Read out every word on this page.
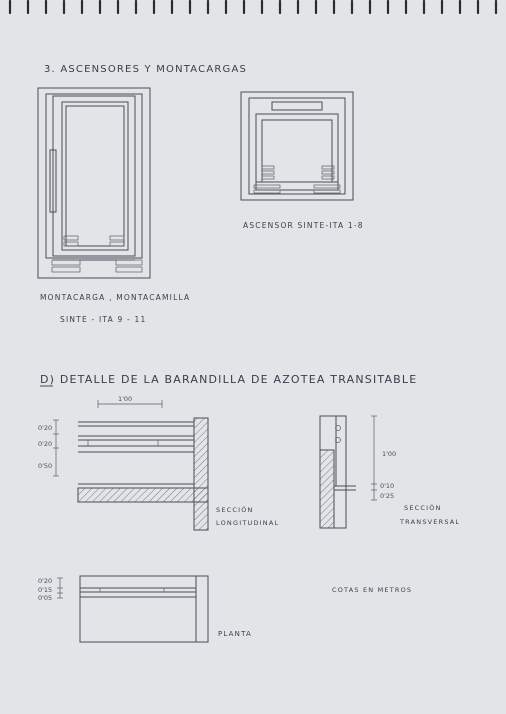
3. ASCENSORES Y MONTACARGAS
MONTACARGA , MONTACAMILLA
SINTE - ITA 9 - 11
ASCENSOR SINTE-ITA 1-8
D) DETALLE DE LA BARANDILLA DE AZOTEA TRANSITABLE
1'00
0'20
0'20
0'50
SECCIÓN
LONGITUDINAL
1'00
0'10
0'25
SECCIÓN
TRANSVERSAL
0'20
0'15
0'05
PLANTA
COTAS EN METROS
